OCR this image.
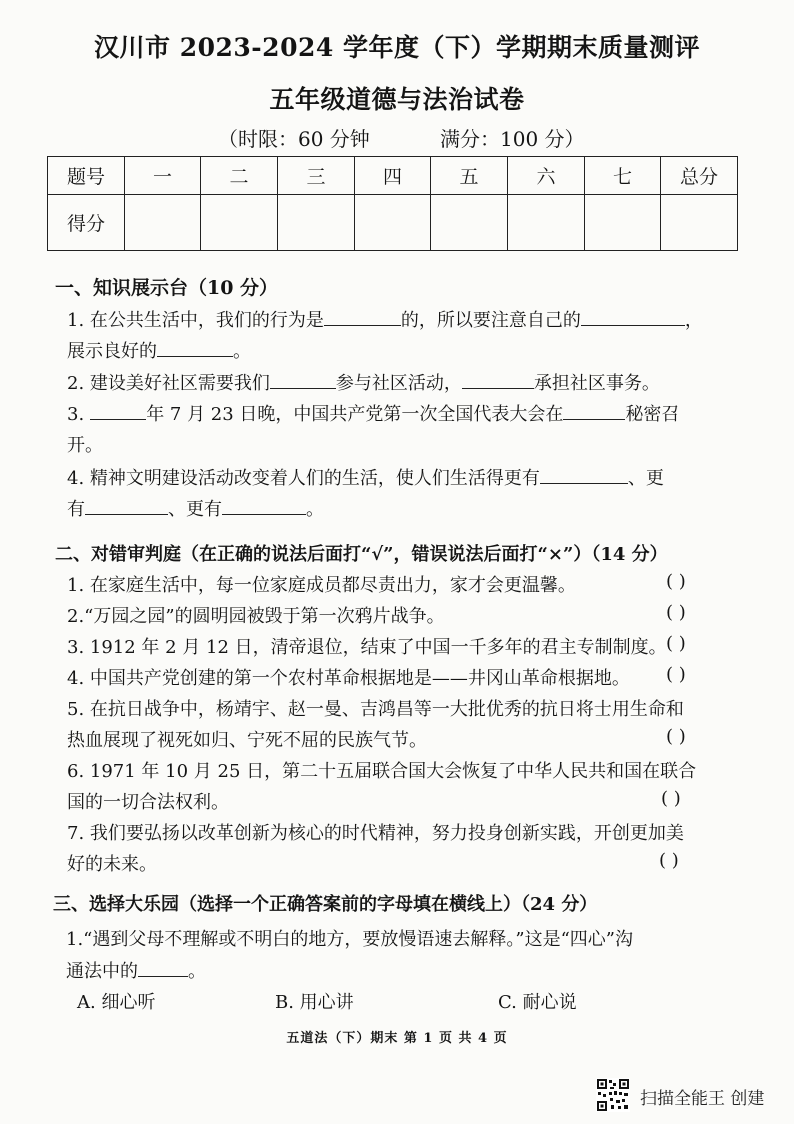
汉川市 2023-2024 学年度（下）学期期末质量测评
五年级道德与法治试卷
（时限：60 分钟	满分：100 分）
题号	一	二	三	四	五	六	七	总分
得分								
一、知识展示台（10 分）
1. 在公共生活中，我们的行为是	的，所以要注意自己的	，
展示良好的	。
2. 建设美好社区需要我们	参与社区活动，	承担社区事务。
3.	年 7 月 23 日晚，中国共产党第一次全国代表大会在	秘密召
开。
4. 精神文明建设活动改变着人们的生活，使人们生活得更有	、更
有	、更有	。
二、对错审判庭（在正确的说法后面打“√”，错误说法后面打“×”）（14 分）
1. 在家庭生活中，每一位家庭成员都尽责出力，家才会更温馨。	( )
2.“万园之园”的圆明园被毁于第一次鸦片战争。	( )
3. 1912 年 2 月 12 日，清帝退位，结束了中国一千多年的君主专制制度。 ( )
4. 中国共产党创建的第一个农村革命根据地是——井冈山革命根据地。 ( )
5. 在抗日战争中，杨靖宇、赵一曼、吉鸿昌等一大批优秀的抗日将士用生命和
热血展现了视死如归、宁死不屈的民族气节。	( )
6. 1971 年 10 月 25 日，第二十五届联合国大会恢复了中华人民共和国在联合
国的一切合法权利。	( )
7. 我们要弘扬以改革创新为核心的时代精神，努力投身创新实践，开创更加美
好的未来。	( )
三、选择大乐园（选择一个正确答案前的字母填在横线上）（24 分）
1.“遇到父母不理解或不明白的地方，要放慢语速去解释。”这是“四心”沟
通法中的	。
A. 细心听	B. 用心讲	C. 耐心说
五道法（下）期末 第 1 页 共 4 页
扫描全能王 创建
